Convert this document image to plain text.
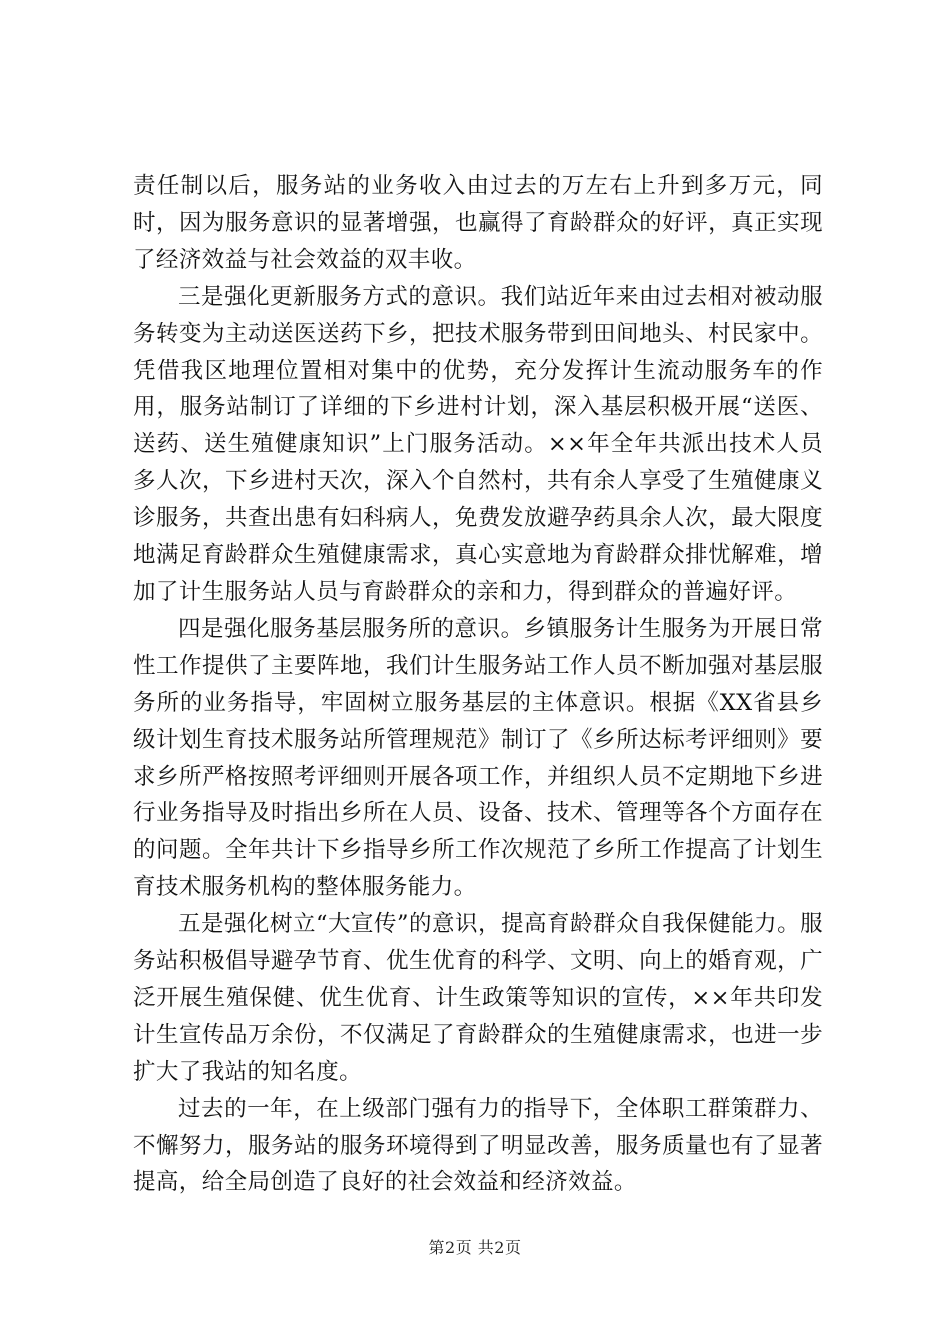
责任制以后，服务站的业务收入由过去的万左右上升到多万元，同时，因为服务意识的显著增强，也赢得了育龄群众的好评，真正实现了经济效益与社会效益的双丰收。

三是强化更新服务方式的意识。我们站近年来由过去相对被动服务转变为主动送医送药下乡，把技术服务带到田间地头、村民家中。凭借我区地理位置相对集中的优势，充分发挥计生流动服务车的作用，服务站制订了详细的下乡进村计划，深入基层积极开展“送医、送药、送生殖健康知识”上门服务活动。××年全年共派出技术人员多人次，下乡进村天次，深入个自然村，共有余人享受了生殖健康义诊服务，共查出患有妇科病人，免费发放避孕药具余人次，最大限度地满足育龄群众生殖健康需求，真心实意地为育龄群众排忧解难，增加了计生服务站人员与育龄群众的亲和力，得到群众的普遍好评。

四是强化服务基层服务所的意识。乡镇服务计生服务为开展日常性工作提供了主要阵地，我们计生服务站工作人员不断加强对基层服务所的业务指导，牢固树立服务基层的主体意识。根据《XX省县乡级计划生育技术服务站所管理规范》制订了《乡所达标考评细则》要求乡所严格按照考评细则开展各项工作，并组织人员不定期地下乡进行业务指导及时指出乡所在人员、设备、技术、管理等各个方面存在的问题。全年共计下乡指导乡所工作次规范了乡所工作提高了计划生育技术服务机构的整体服务能力。

五是强化树立“大宣传”的意识，提高育龄群众自我保健能力。服务站积极倡导避孕节育、优生优育的科学、文明、向上的婚育观，广泛开展生殖保健、优生优育、计生政策等知识的宣传，××年共印发计生宣传品万余份，不仅满足了育龄群众的生殖健康需求，也进一步扩大了我站的知名度。

过去的一年，在上级部门强有力的指导下，全体职工群策群力、不懈努力，服务站的服务环境得到了明显改善，服务质量也有了显著提高，给全局创造了良好的社会效益和经济效益。

第2页 共2页
